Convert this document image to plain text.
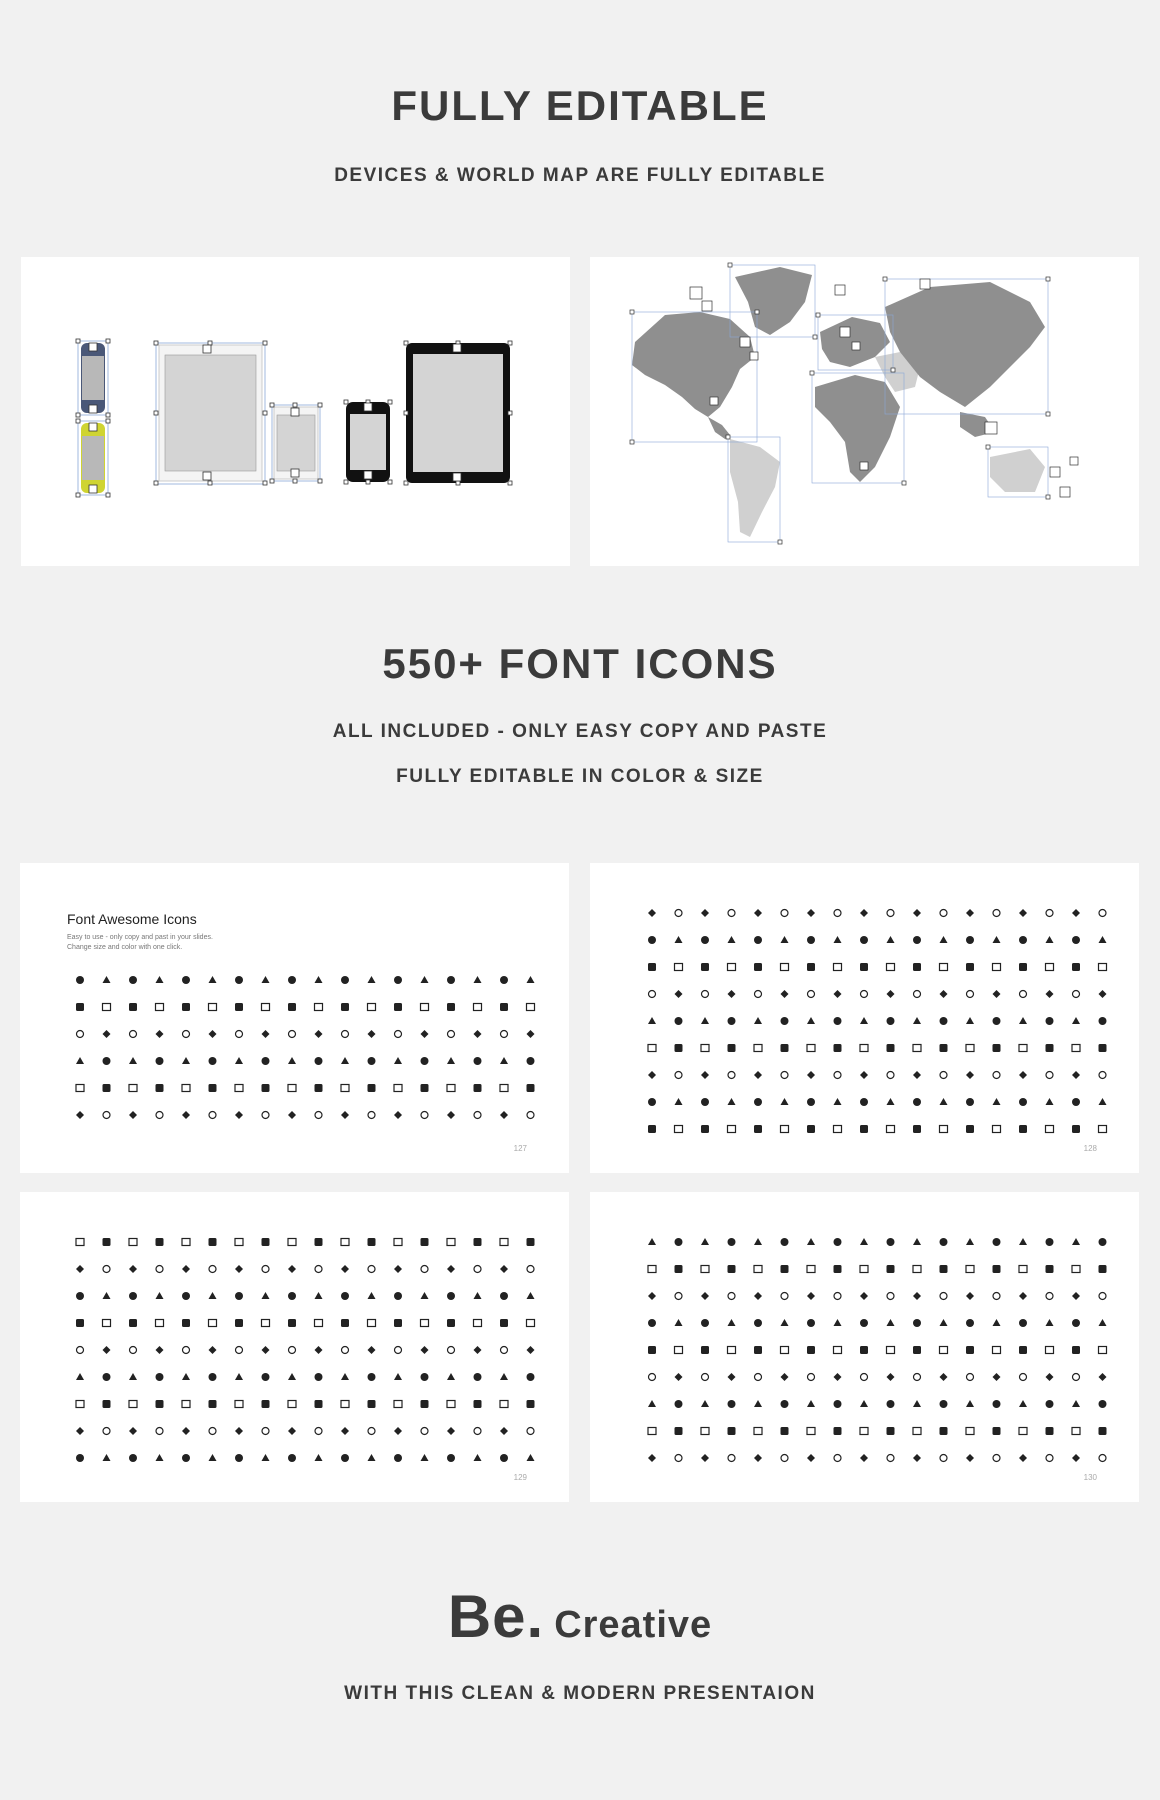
FULLY EDITABLE
DEVICES & WORLD MAP ARE FULLY EDITABLE
550+ FONT ICONS
ALL INCLUDED - ONLY EASY COPY AND PASTE
FULLY EDITABLE IN COLOR & SIZE
Font Awesome Icons
Easy to use - only copy and past in your slides.
Change size and color with one click.
127	128
129	130
Be. Creative
WITH THIS CLEAN & MODERN PRESENTAION
